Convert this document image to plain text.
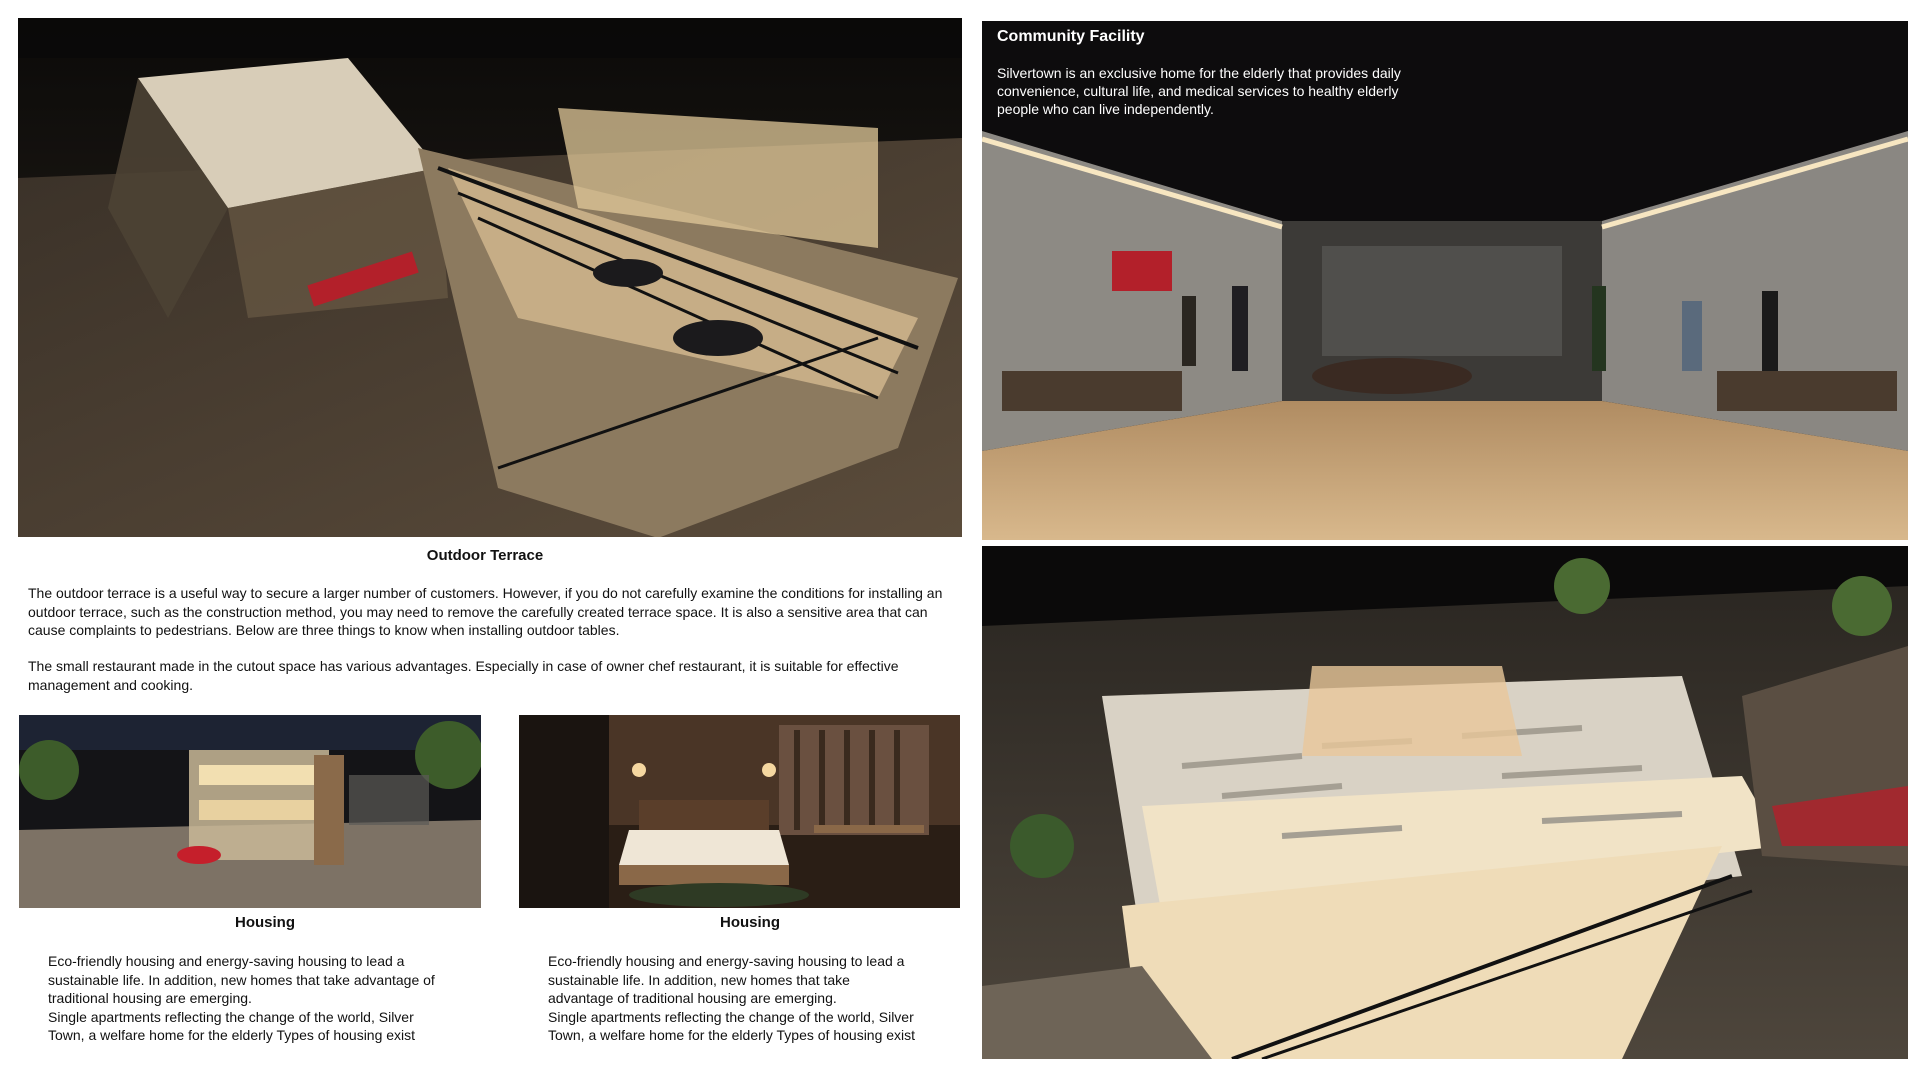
Community Facility
Silvertown is an exclusive home for the elderly that provides daily convenience, cultural life, and medical services to healthy elderly people who can live independently.
Outdoor Terrace

The outdoor terrace is a useful way to secure a larger number of customers. However, if you do not carefully examine the conditions for installing an outdoor terrace, such as the construction method, you may need to remove the carefully created terrace space. It is also a sensitive area that can cause complaints to pedestrians. Below are three things to know when installing outdoor tables.

The small restaurant made in the cutout space has various advantages. Especially in case of owner chef restaurant, it is suitable for effective management and cooking.

Housing

Eco-friendly housing and energy-saving housing to lead a
sustainable life. In addition, new homes that take advantage of
traditional housing are emerging.
Single apartments reflecting the change of the world, Silver
Town, a welfare home for the elderly Types of housing exist

Housing

Eco-friendly housing and energy-saving housing to lead a
sustainable life. In addition, new homes that take
advantage of traditional housing are emerging.
Single apartments reflecting the change of the world, Silver
Town, a welfare home for the elderly Types of housing exist
